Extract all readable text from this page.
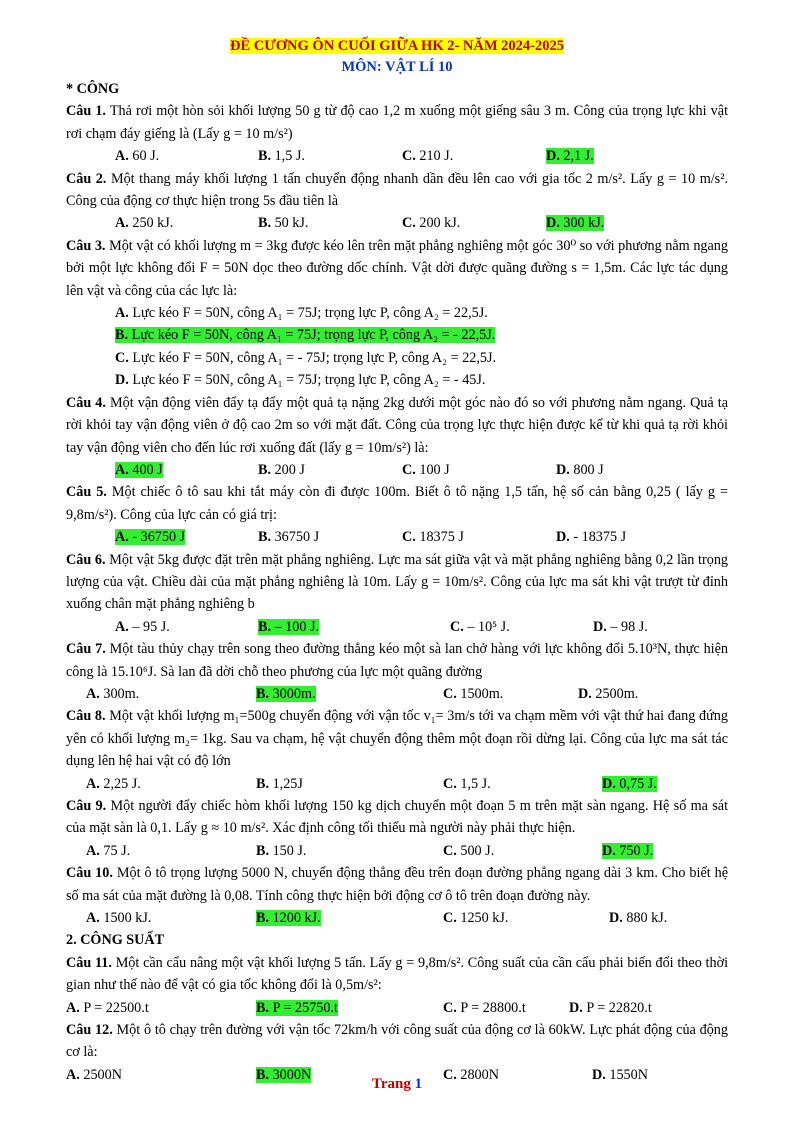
ĐỀ CƯƠNG ÔN CUỐI GIỮA HK 2- NĂM 2024-2025
MÔN: VẬT LÍ 10
* CÔNG
Câu 1. Thả rơi một hòn sỏi khối lượng 50 g từ độ cao 1,2 m xuống một giếng sâu 3 m. Công của trọng lực khi vật rơi chạm đáy giếng là (Lấy g = 10 m/s²)
A. 60 J.	B. 1,5 J.	C. 210 J.	D. 2,1 J.
Câu 2. Một thang máy khối lượng 1 tấn chuyển động nhanh dần đều lên cao với gia tốc 2 m/s². Lấy g = 10 m/s². Công của động cơ thực hiện trong 5s đầu tiên là
A. 250 kJ.	B. 50 kJ.	C. 200 kJ.	D. 300 kJ.
Câu 3. Một vật có khối lượng m = 3kg được kéo lên trên mặt phẳng nghiêng một góc 30⁰ so với phương nằm ngang bởi một lực không đổi F = 50N dọc theo đường dốc chính. Vật dời được quãng đường s = 1,5m. Các lực tác dụng lên vật và công của các lực là:
A. Lực kéo F = 50N, công A₁ = 75J; trọng lực P, công A₂ = 22,5J.
B. Lực kéo F = 50N, công A₁ = 75J; trọng lực P, công A₂ = - 22,5J.
C. Lực kéo F = 50N, công A₁ = - 75J; trọng lực P, công A₂ = 22,5J.
D. Lực kéo F = 50N, công A₁ = 75J; trọng lực P, công A₂ = - 45J.
Câu 4. Một vận động viên đẩy tạ đẩy một quả tạ nặng 2kg dưới một góc nào đó so với phương nằm ngang. Quả tạ rời khỏi tay vận động viên ở độ cao 2m so với mặt đất. Công của trọng lực thực hiện được kể từ khi quả tạ rời khỏi tay vận động viên cho đến lúc rơi xuống đất (lấy g = 10m/s²) là:
A. 400 J	B. 200 J	C. 100 J	D. 800 J
Câu 5. Một chiếc ô tô sau khi tắt máy còn đi được 100m. Biết ô tô nặng 1,5 tấn, hệ số cản bằng 0,25 ( lấy g = 9,8m/s²). Công của lực cản có giá trị:
A. - 36750 J	B. 36750 J	C. 18375 J	D. - 18375 J
Câu 6. Một vật 5kg được đặt trên mặt phẳng nghiêng. Lực ma sát giữa vật và mặt phẳng nghiêng bằng 0,2 lần trọng lượng của vật. Chiều dài của mặt phẳng nghiêng là 10m. Lấy g = 10m/s². Công của lực ma sát khi vật trượt từ đỉnh xuống chân mặt phẳng nghiêng b
A. – 95 J.	B. – 100 J.	C. – 10⁵ J.	D. – 98 J.
Câu 7. Một tàu thủy chạy trên song theo đường thẳng kéo một sà lan chở hàng với lực không đổi 5.10³N, thực hiện công là 15.10⁶J. Sà lan đã dời chỗ theo phương của lực một quãng đường
A. 300m.	B. 3000m.	C. 1500m.	D. 2500m.
Câu 8. Một vật khối lượng m₁=500g chuyển động với vận tốc v₁= 3m/s tới va chạm mềm với vật thứ hai đang đứng yên có khối lượng m₂= 1kg. Sau va chạm, hệ vật chuyển động thêm một đoạn rồi dừng lại. Công của lực ma sát tác dụng lên hệ hai vật có độ lớn
A. 2,25 J.	B. 1,25J	C. 1,5 J.	D. 0,75 J.
Câu 9. Một người đẩy chiếc hòm khối lượng 150 kg dịch chuyển một đoạn 5 m trên mặt sàn ngang. Hệ số ma sát của mặt sàn là 0,1. Lấy g ≈ 10 m/s². Xác định công tối thiểu mà người này phải thực hiện.
A. 75 J.	B. 150 J.	C. 500 J.	D. 750 J.
Câu 10. Một ô tô trọng lượng 5000 N, chuyển động thẳng đều trên đoạn đường phẳng ngang dài 3 km. Cho biết hệ số ma sát của mặt đường là 0,08. Tính công thực hiện bởi động cơ ô tô trên đoạn đường này.
A. 1500 kJ.	B. 1200 kJ.	C. 1250 kJ.	D. 880 kJ.
2. CÔNG SUẤT
Câu 11. Một cần cẩu nâng một vật khối lượng 5 tấn. Lấy g = 9,8m/s². Công suất của cần cẩu phải biến đổi theo thời gian như thế nào để vật có gia tốc không đổi là 0,5m/s²:
A. P = 22500.t	B. P = 25750.t	C. P = 28800.t	D. P = 22820.t
Câu 12. Một ô tô chạy trên đường với vận tốc 72km/h với công suất của động cơ là 60kW. Lực phát động của động cơ là:
A. 2500N	B. 3000N	C. 2800N	D. 1550N
Trang 1
